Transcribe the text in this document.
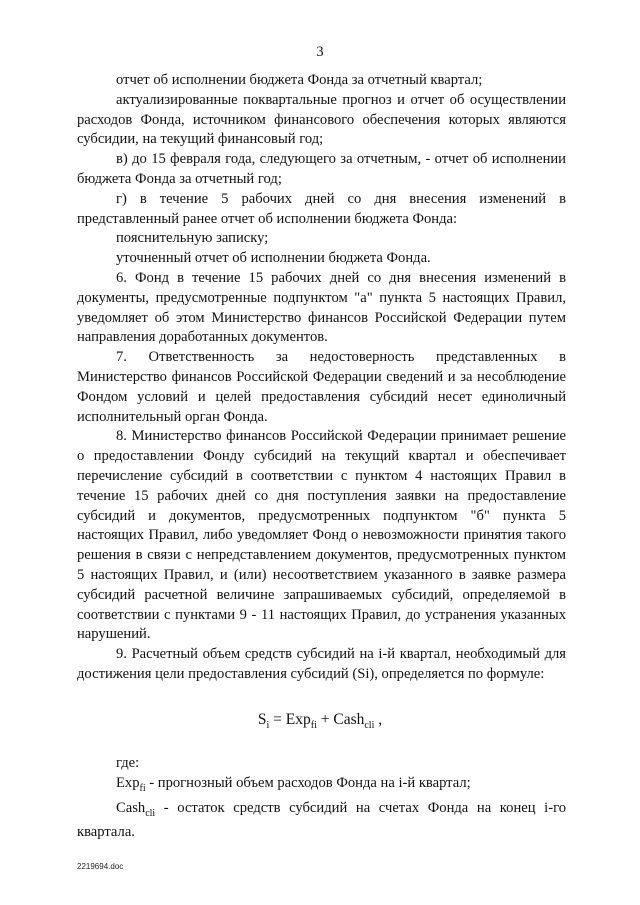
3

отчет об исполнении бюджета Фонда за отчетный квартал;

актуализированные поквартальные прогноз и отчет об осуществлении расходов Фонда, источником финансового обеспечения которых являются субсидии, на текущий финансовый год;

в) до 15 февраля года, следующего за отчетным, - отчет об исполнении бюджета Фонда за отчетный год;

г) в течение 5 рабочих дней со дня внесения изменений в представленный ранее отчет об исполнении бюджета Фонда:

пояснительную записку;

уточненный отчет об исполнении бюджета Фонда.

6. Фонд в течение 15 рабочих дней со дня внесения изменений в документы, предусмотренные подпунктом "а" пункта 5 настоящих Правил, уведомляет об этом Министерство финансов Российской Федерации путем направления доработанных документов.

7. Ответственность за недостоверность представленных в Министерство финансов Российской Федерации сведений и за несоблюдение Фондом условий и целей предоставления субсидий несет единоличный исполнительный орган Фонда.

8. Министерство финансов Российской Федерации принимает решение о предоставлении Фонду субсидий на текущий квартал и обеспечивает перечисление субсидий в соответствии с пунктом 4 настоящих Правил в течение 15 рабочих дней со дня поступления заявки на предоставление субсидий и документов, предусмотренных подпунктом "б" пункта 5 настоящих Правил, либо уведомляет Фонд о невозможности принятия такого решения в связи с непредставлением документов, предусмотренных пунктом 5 настоящих Правил, и (или) несоответствием указанного в заявке размера субсидий расчетной величине запрашиваемых субсидий, определяемой в соответствии с пунктами 9 - 11 настоящих Правил, до устранения указанных нарушений.

9. Расчетный объем средств субсидий на i-й квартал, необходимый для достижения цели предоставления субсидий (Si), определяется по формуле:

$S_i = Exp_{fi}$ + Cash$_{cli}$ ,

где:

Exp$_{fi}$ - прогнозный объем расходов Фонда на i-й квартал;

Cash$_{cli}$ - остаток средств субсидий на счетах Фонда на конец i-го квартала.

2219694.doc
